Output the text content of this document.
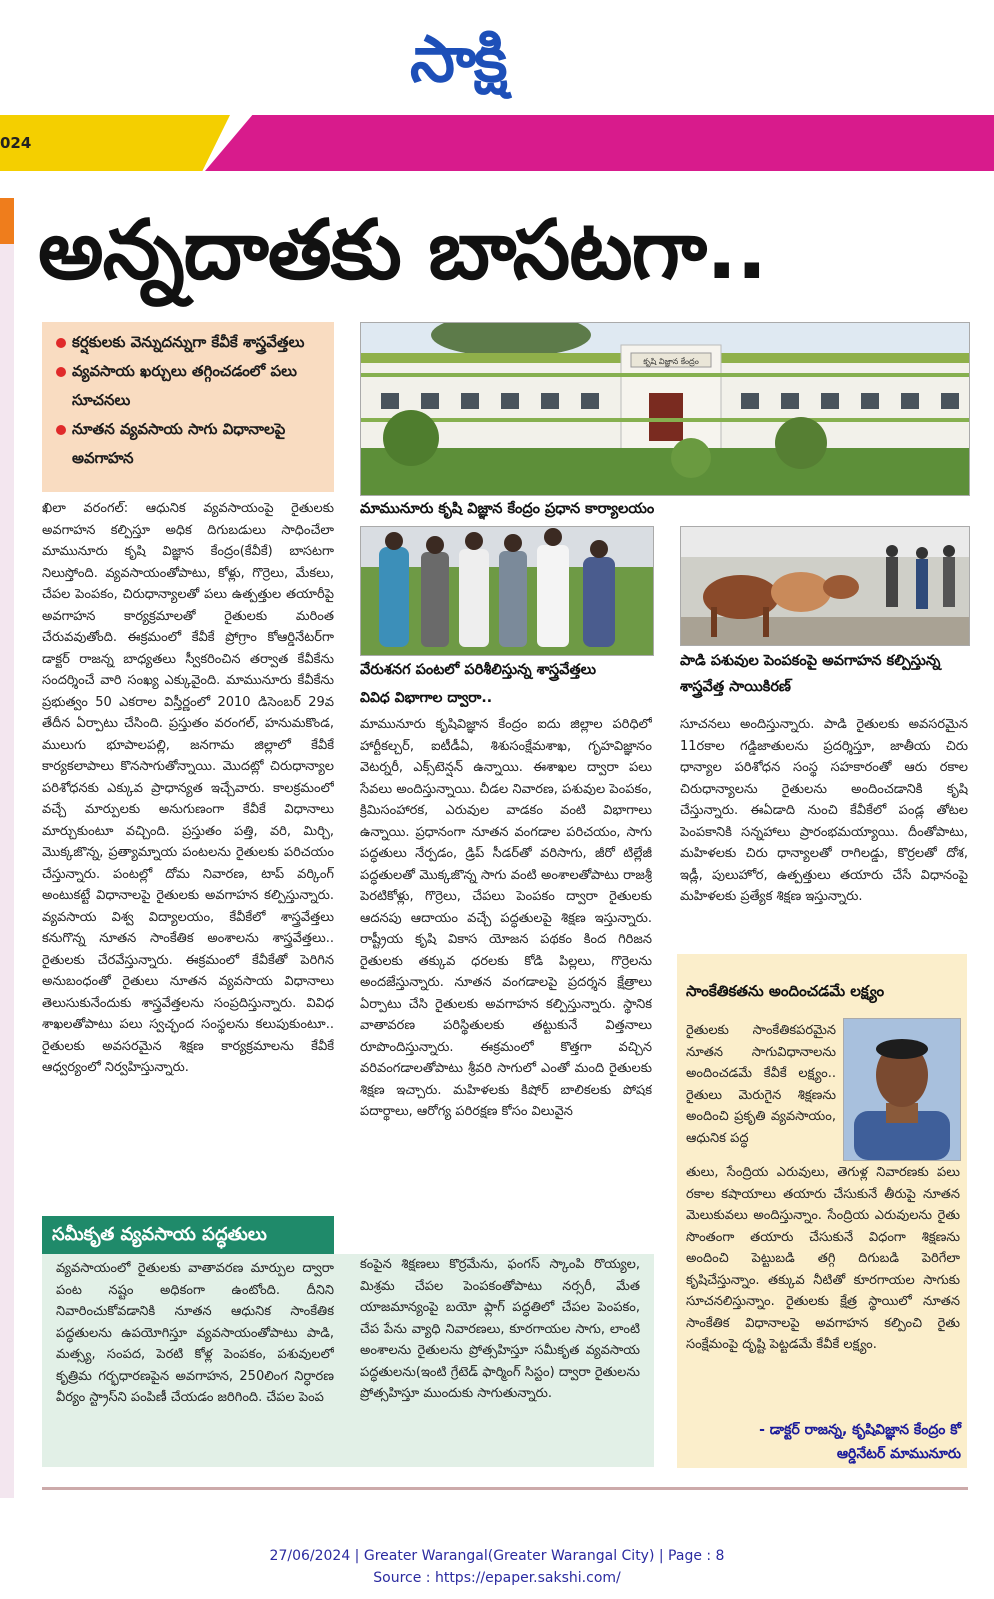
సాక్షి
024
అన్నదాతకు బాసటగా..
కర్షకులకు వెన్నుదన్నుగా కేవీకే శాస్త్రవేత్తలు
వ్యవసాయ ఖర్చులు తగ్గించడంలో పలు సూచనలు
నూతన వ్యవసాయ సాగు విధానాలపై అవగాహన
ఖిలా వరంగల్‌: ఆధునిక వ్యవసాయంపై రైతులకు అవగాహన కల్పిస్తూ అధిక దిగుబడులు సాధించేలా మామునూరు కృషి విజ్ఞాన కేంద్రం(కేవీకే) బాసటగా నిలుస్తోంది. వ్యవసాయంతోపాటు, కోళ్లు, గొర్రెలు, మేకలు, చేపల పెంపకం, చిరుధాన్యాలతో పలు ఉత్పత్తుల తయారీపై అవగాహన కార్యక్రమాలతో రైతులకు మరింత చేరువవుతోంది. ఈక్రమంలో కేవీకే ప్రోగ్రాం కోఆర్డినేటర్‌గా డాక్టర్‌ రాజన్న బాధ్యతలు స్వీకరించిన తర్వాత కేవీకేను సందర్శించే వారి సంఖ్య ఎక్కువైంది. మామునూరు కేవీకేను ప్రభుత్వం 50 ఎకరాల విస్తీర్ణంలో 2010 డిసెంబర్‌ 29వ తేదీన ఏర్పాటు చేసింది. ప్రస్తుతం వరంగల్‌, హనుమకొండ, ములుగు భూపాలపల్లి, జనగామ జిల్లాలో కేవీకే కార్యకలాపాలు కొనసాగుతోన్నాయి. మొదట్లో చిరుధాన్యాల పరిశోధనకు ఎక్కువ ప్రాధాన్యత ఇచ్చేవారు. కాలక్రమంలో వచ్చే మార్పులకు అనుగుణంగా కేవీకే విధానాలు మార్చుకుంటూ వచ్చింది. ప్రస్తుతం పత్తి, వరి, మిర్చి, మొక్కజొన్న, ప్రత్యామ్నాయ పంటలను రైతులకు పరిచయం చేస్తున్నారు. పంటల్లో దోమ నివారణ, టాప్‌ వర్కింగ్‌ అంటుకట్టే విధానాలపై రైతులకు అవగాహన కల్పిస్తున్నారు. వ్యవసాయ విశ్వ విద్యాలయం, కేవీకేలో శాస్త్రవేత్తలు కనుగొన్న నూతన సాంకేతిక అంశాలను శాస్త్రవేత్తలు.. రైతులకు చేరవేస్తున్నారు. ఈక్రమంలో కేవీకేతో పెరిగిన అనుబంధంతో రైతులు నూతన వ్యవసాయ విధానాలు తెలుసుకునేందుకు శాస్త్రవేత్తలను సంప్రదిస్తున్నారు. వివిధ శాఖలతోపాటు పలు స్వచ్ఛంద సంస్థలను కలుపుకుంటూ.. రైతులకు అవసరమైన శిక్షణ కార్యక్రమాలను కేవీకే ఆధ్వర్యంలో నిర్వహిస్తున్నారు.
కృషి విజ్ఞాన కేంద్రం
మామునూరు కృషి విజ్ఞాన కేంద్రం ప్రధాన కార్యాలయం
వేరుశనగ పంటలో పరిశీలిస్తున్న శాస్త్రవేత్తలు
పాడి పశువుల పెంపకంపై అవగాహన కల్పిస్తున్న శాస్త్రవేత్త సాయికిరణ్‌
వివిధ విభాగాల ద్వారా..
మామునూరు కృషివిజ్ఞాన కేంద్రం ఐదు జిల్లాల పరిధిలో హార్టీకల్చర్‌, ఐటీడీఏ, శిశుసంక్షేమశాఖ, గృహవిజ్ఞానం వెటర్నరీ, ఎక్స్‌టెన్షన్‌ ఉన్నాయి. ఈశాఖల ద్వారా పలు సేవలు అందిస్తున్నాయి. చీడల నివారణ, పశువుల పెంపకం, క్రిమిసంహారక, ఎరువుల వాడకం వంటి విభాగాలు ఉన్నాయి. ప్రధానంగా నూతన వంగడాల పరిచయం, సాగు పద్ధతులు నేర్పడం, డ్రిప్‌ సీడర్‌తో వరిసాగు, జీరో టిల్లేజీ పద్ధతులతో మొక్కజొన్న సాగు వంటి అంశాలతోపాటు రాజశ్రీ పెరటికోళ్లు, గొర్రెలు, చేపలు పెంపకం ద్వారా రైతులకు ఆదనపు ఆదాయం వచ్చే పద్ధతులపై శిక్షణ ఇస్తున్నారు. రాష్ట్రీయ కృషి వికాస యోజన పథకం కింద గిరిజన రైతులకు తక్కువ ధరలకు కోడి పిల్లలు, గొర్రెలను అందజేస్తున్నారు. నూతన వంగడాలపై ప్రదర్శన క్షేత్రాలు ఏర్పాటు చేసి రైతులకు అవగాహన కల్పిస్తున్నారు. స్థానిక వాతావరణ పరిస్థితులకు తట్టుకునే విత్తనాలు రూపొందిస్తున్నారు. ఈక్రమంలో కొత్తగా వచ్చిన వరివంగడాలతోపాటు శ్రీవరి సాగులో ఎంతో మంది రైతులకు శిక్షణ ఇచ్చారు. మహిళలకు కిషోర్‌ బాలికలకు పోషక పదార్థాలు, ఆరోగ్య పరిరక్షణ కోసం విలువైన
సూచనలు అందిస్తున్నారు. పాడి రైతులకు అవసరమైన 11రకాల గడ్డిజాతులను ప్రదర్శిస్తూ, జాతీయ చిరు ధాన్యాల పరిశోధన సంస్థ సహకారంతో ఆరు రకాల చిరుధాన్యాలను రైతులను అందించడానికి కృషి చేస్తున్నారు. ఈఏడాది నుంచి కేవీకేలో పండ్ల తోటల పెంపకానికి సన్నహాలు ప్రారంభమయ్యాయి. దీంతోపాటు, మహిళలకు చిరు ధాన్యాలతో రాగిలడ్డు, కొర్రలతో దోశ, ఇడ్లీ, పులుహోర, ఉత్పత్తులు తయారు చేసే విధానంపై మహిళలకు ప్రత్యేక శిక్షణ ఇస్తున్నారు.
సమీకృత వ్యవసాయ పద్ధతులు
వ్యవసాయంలో రైతులకు వాతావరణ మార్పుల ద్వారా పంట నష్టం అధికంగా ఉంటోంది. దీనిని నివారించుకోవడానికి నూతన ఆధునిక సాంకేతిక పద్ధతులను ఉపయోగిస్తూ వ్యవసాయంతోపాటు పాడి, మత్స్య, సంపద, పెరటి కోళ్ల పెంపకం, పశువులలో కృత్రిమ గర్భధారణపైన అవగాహన, 250లింగ నిర్ధారణ వీర్యం స్ట్రాస్‌ని పంపిణీ చేయడం జరిగింది. చేపల పెంప
కంపైన శిక్షణలు కొర్రమేను, ఫంగస్‌ స్కాంపి రొయ్యల, మిశ్రమ చేపల పెంపకంతోపాటు నర్సరీ, మేత యాజమాన్యంపై బయో ఫ్లాగ్‌ పద్ధతిలో చేపల పెంపకం, చేప పేను వ్యాధి నివారణలు, కూరగాయల సాగు, లాంటి అంశాలను రైతులను ప్రోత్సహిస్తూ సమీకృత వ్యవసాయ పద్ధతులను(ఇంటి గ్రేటెడ్‌ ఫార్మింగ్‌ సిస్టం) ద్వారా రైతులను ప్రోత్సహిస్తూ ముందుకు సాగుతున్నారు.
సాంకేతికతను అందించడమే లక్ష్యం
రైతులకు సాంకేతికపరమైన నూతన సాగువిధానాలను అందించడమే కేవీకే లక్ష్యం.. రైతులు మెరుగైన శిక్షణను అందించి ప్రకృతి వ్యవసాయం, ఆధునిక పద్ధ
తులు, సేంద్రియ ఎరువులు, తెగుళ్ల నివారణకు పలు రకాల కషాయాలు తయారు చేసుకునే తీరుపై నూతన మెలుకువలు అందిస్తున్నాం. సేంద్రియ ఎరువులను రైతు సొంతంగా తయారు చేసుకునే విధంగా శిక్షణను అందించి పెట్టుబడి తగ్గి దిగుబడి పెరిగేలా కృషిచేస్తున్నాం. తక్కువ నీటితో కూరగాయల సాగుకు సూచనలిస్తున్నాం. రైతులకు క్షేత్ర స్థాయిలో నూతన సాంకేతిక విధానాలపై అవగాహన కల్పించి రైతు సంక్షేమంపై దృష్టి పెట్టడమే కేవీకే లక్ష్యం.
- డాక్టర్‌ రాజన్న, కృషివిజ్ఞాన కేంద్రం కో ఆర్డినేటర్‌ మామునూరు
27/06/2024 | Greater Warangal(Greater Warangal City) | Page : 8
Source : https://epaper.sakshi.com/
